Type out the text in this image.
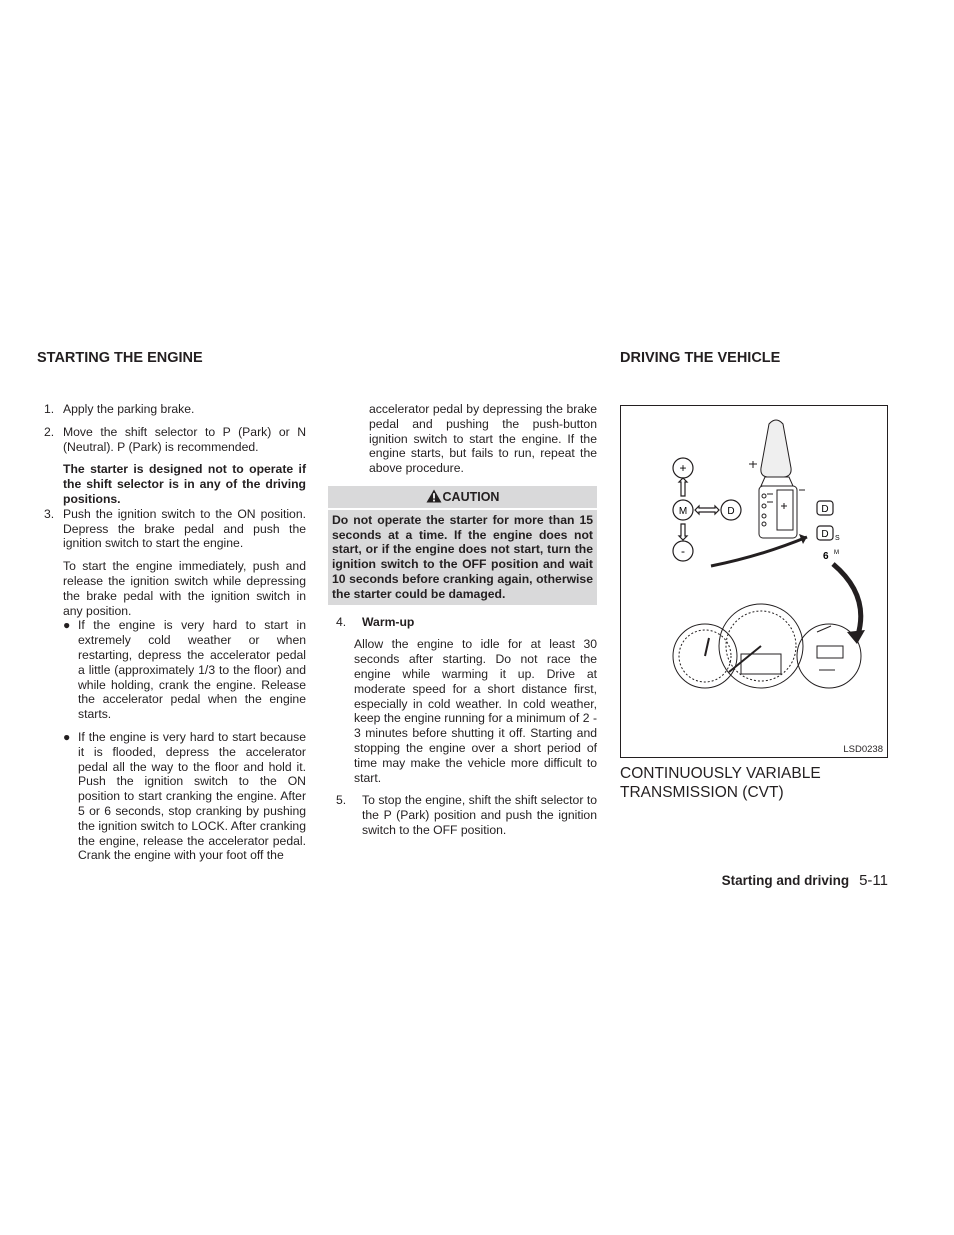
STARTING THE ENGINE	DRIVING THE VEHICLE
1. Apply the parking brake.
2. Move the shift selector to P (Park) or N (Neutral). P (Park) is recommended.

The starter is designed not to operate if the shift selector is in any of the driving positions.

3. Push the ignition switch to the ON position. Depress the brake pedal and push the ignition switch to start the engine.

To start the engine immediately, push and release the ignition switch while depressing the brake pedal with the ignition switch in any position.

● If the engine is very hard to start in extremely cold weather or when restarting, depress the accelerator pedal a little (approximately 1/3 to the floor) and while holding, crank the engine. Release the accelerator pedal when the engine starts.
● If the engine is very hard to start because it is flooded, depress the accelerator pedal all the way to the floor and hold it. Push the ignition switch to the ON position to start cranking the engine. After 5 or 6 seconds, stop cranking by pushing the ignition switch to LOCK. After cranking the engine, release the accelerator pedal. Crank the engine with your foot off the

accelerator pedal by depressing the brake pedal and pushing the push-button ignition switch to start the engine. If the engine starts, but fails to run, repeat the above procedure.

CAUTION
Do not operate the starter for more than 15 seconds at a time. If the engine does not start, or if the engine does not start, turn the ignition switch to the OFF position and wait 10 seconds before cranking again, otherwise the starter could be damaged.
4. Warm-up

Allow the engine to idle for at least 30 seconds after starting. Do not race the engine while warming it up. Drive at moderate speed for a short distance first, especially in cold weather. In cold weather, keep the engine running for a minimum of 2 - 3 minutes before shutting it off. Starting and stopping the engine over a short period of time may make the vehicle more difficult to start.

5. To stop the engine, shift the shift selector to the P (Park) position and push the ignition switch to the OFF position.
+
M	D
-
D
D S
6 M
LSD0238

CONTINUOUSLY VARIABLE TRANSMISSION (CVT)

Starting and driving 5-11
